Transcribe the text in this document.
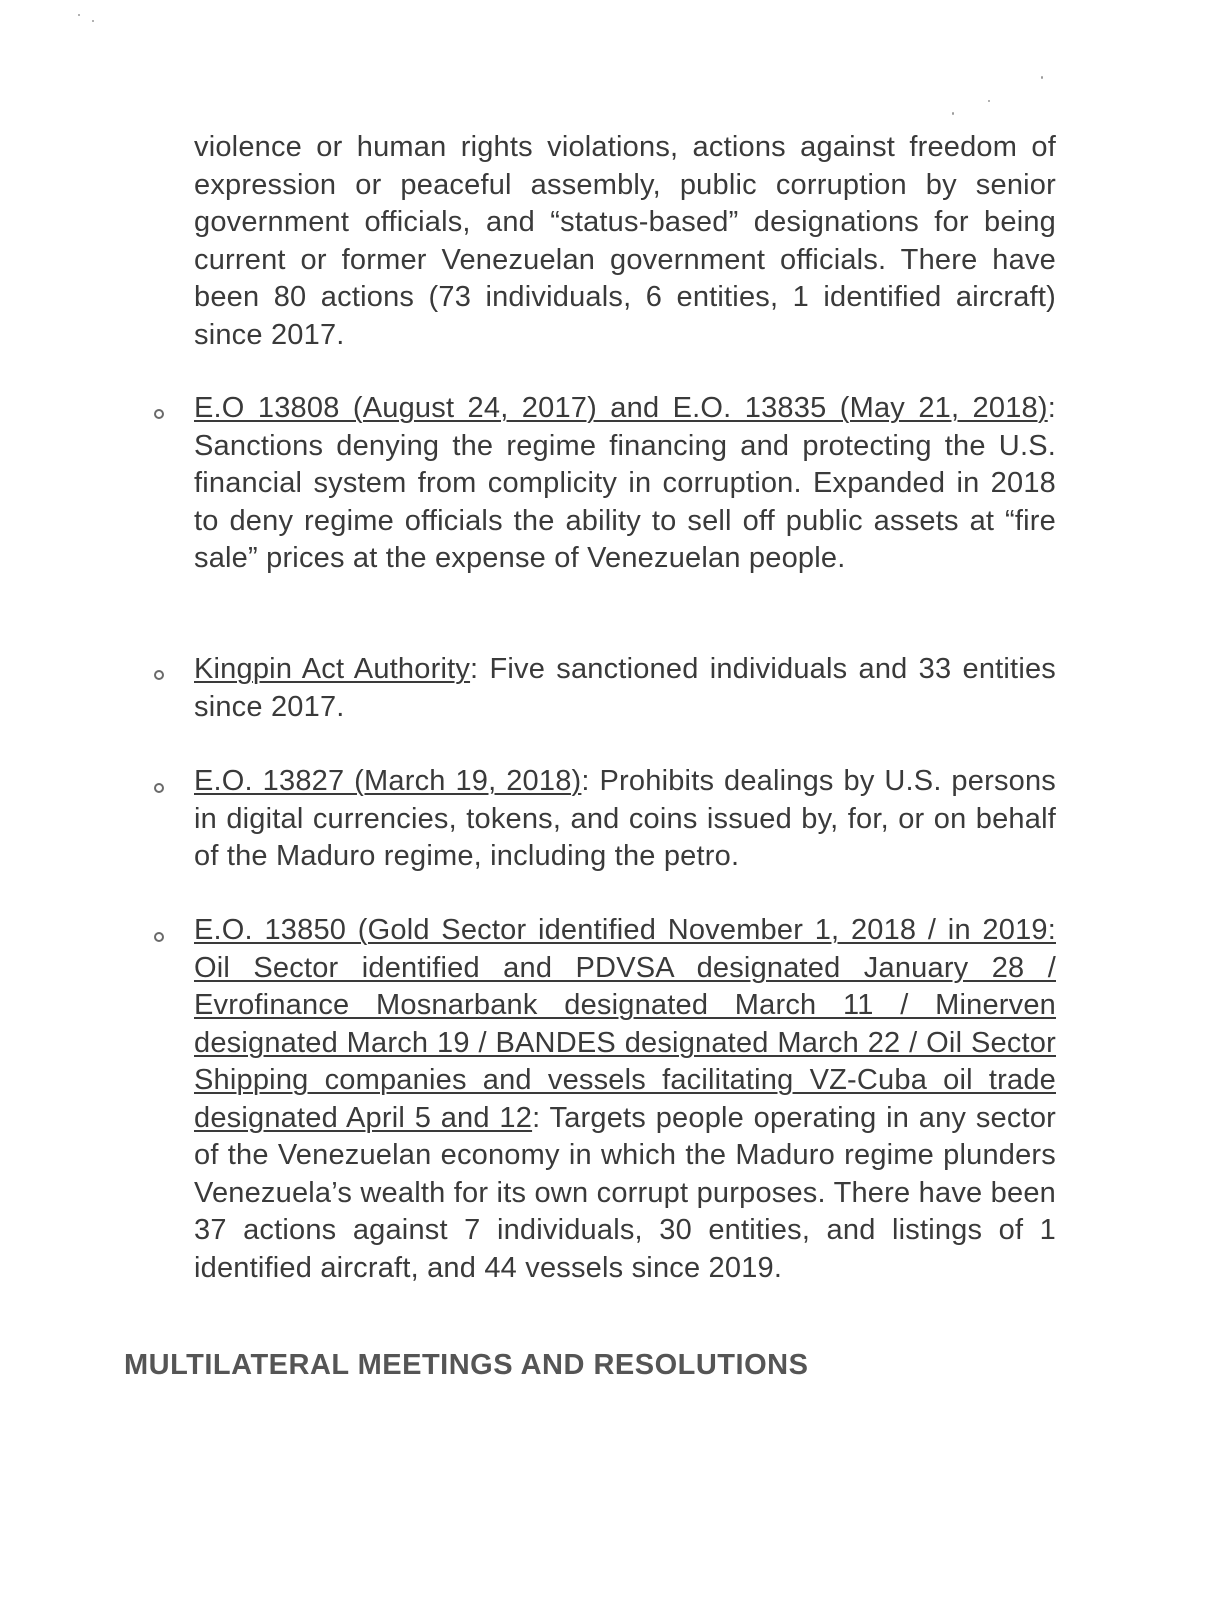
violence or human rights violations, actions against freedom of expression or peaceful assembly, public corruption by senior government officials, and “status-based” designations for being current or former Venezuelan government officials. There have been 80 actions (73 individuals, 6 entities, 1 identified aircraft) since 2017.

E.O 13808 (August 24, 2017) and E.O. 13835 (May 21, 2018): Sanctions denying the regime financing and protecting the U.S. financial system from complicity in corruption. Expanded in 2018 to deny regime officials the ability to sell off public assets at “fire sale” prices at the expense of Venezuelan people.

Kingpin Act Authority: Five sanctioned individuals and 33 entities since 2017.

E.O. 13827 (March 19, 2018): Prohibits dealings by U.S. persons in digital currencies, tokens, and coins issued by, for, or on behalf of the Maduro regime, including the petro.

E.O. 13850 (Gold Sector identified November 1, 2018 / in 2019: Oil Sector identified and PDVSA designated January 28 / Evrofinance Mosnarbank designated March 11 / Minerven designated March 19 / BANDES designated March 22 / Oil Sector Shipping companies and vessels facilitating VZ-Cuba oil trade designated April 5 and 12: Targets people operating in any sector of the Venezuelan economy in which the Maduro regime plunders Venezuela’s wealth for its own corrupt purposes. There have been 37 actions against 7 individuals, 30 entities, and listings of 1 identified aircraft, and 44 vessels since 2019.

MULTILATERAL MEETINGS AND RESOLUTIONS
